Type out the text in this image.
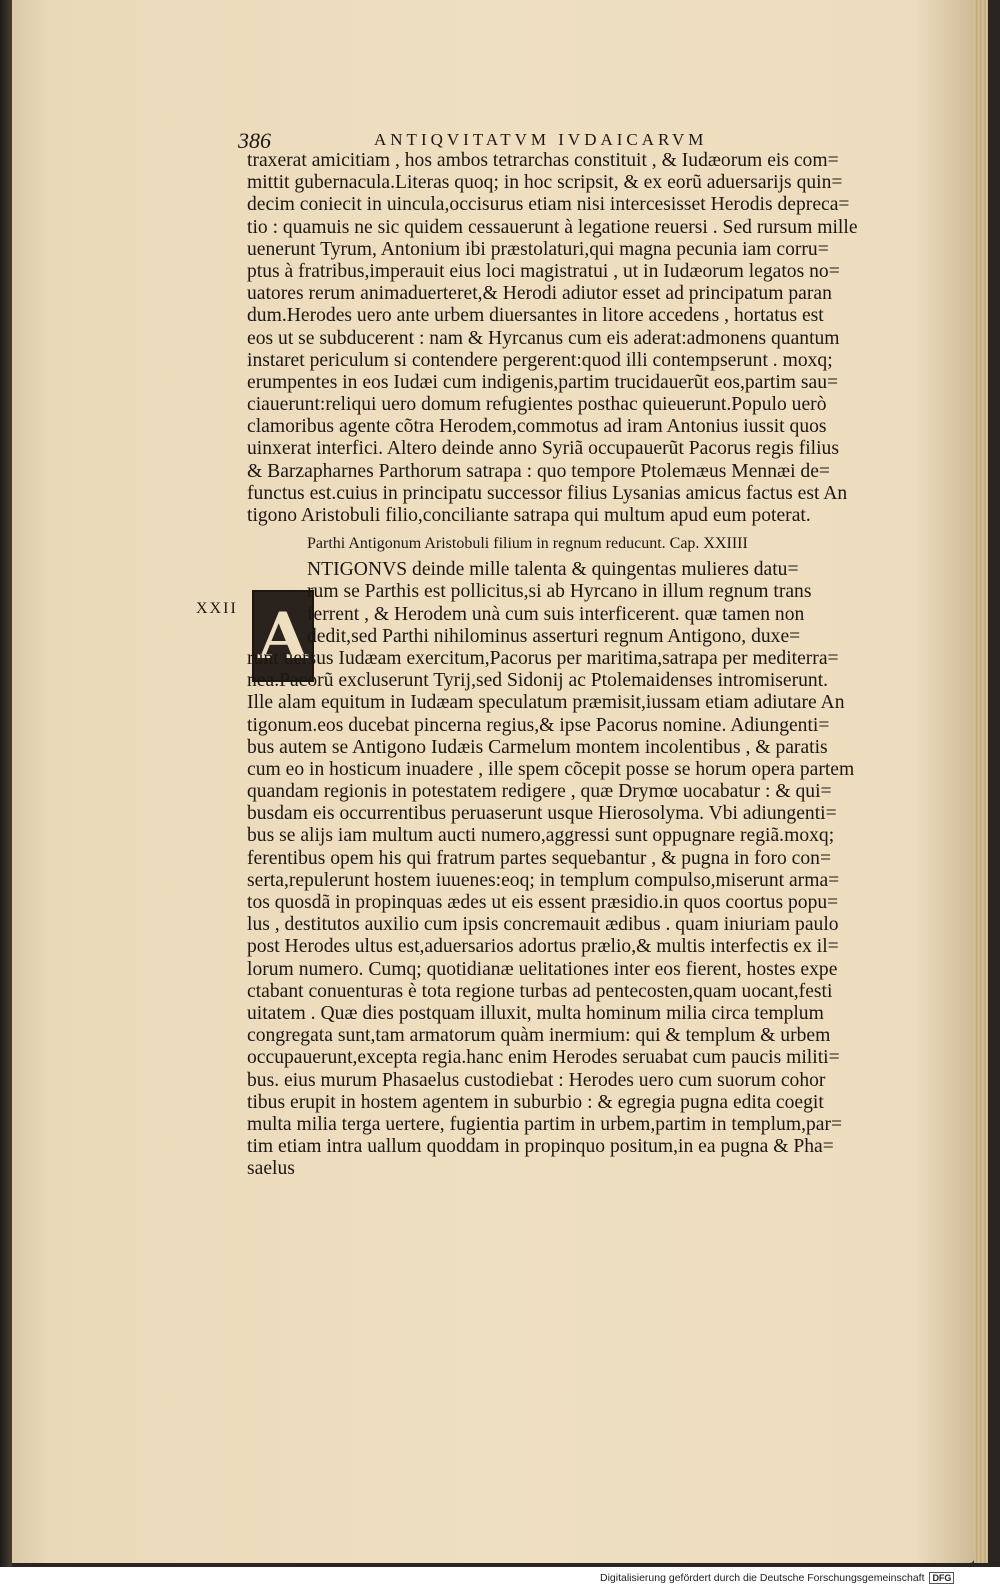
386	ANTIQVITATVM IVDAICARVM
XXII A
traxerat amicitiam , hos ambos tetrarchas constituit , & Iudæorum eis com=
mittit gubernacula.Literas quoq; in hoc scripsit, & ex eorũ aduersarijs quin=
decim coniecit in uincula,occisurus etiam nisi intercesisset Herodis depreca=
tio : quamuis ne sic quidem cessauerunt à legatione reuersi . Sed rursum mille
uenerunt Tyrum, Antonium ibi præstolaturi,qui magna pecunia iam corru=
ptus à fratribus,imperauit eius loci magistratui , ut in Iudæorum legatos no=
uatores rerum animaduerteret,& Herodi adiutor esset ad principatum paran
dum.Herodes uero ante urbem diuersantes in litore accedens , hortatus est
eos ut se subducerent : nam & Hyrcanus cum eis aderat:admonens quantum
instaret periculum si contendere pergerent:quod illi contempserunt . moxq;
erumpentes in eos Iudæi cum indigenis,partim trucidauerũt eos,partim sau=
ciauerunt:reliqui uero domum refugientes posthac quieuerunt.Populo uerò
clamoribus agente cõtra Herodem,commotus ad iram Antonius iussit quos
uinxerat interfici. Altero deinde anno Syriã occupauerũt Pacorus regis filius
& Barzapharnes Parthorum satrapa : quo tempore Ptolemæus Mennæi de=
functus est.cuius in principatu successor filius Lysanias amicus factus est An
tigono Aristobuli filio,conciliante satrapa qui multum apud eum poterat.
Parthi Antigonum Aristobuli filium in regnum reducunt. Cap. XXIIII
NTIGONVS deinde mille talenta & quingentas mulieres datu=
rum se Parthis est pollicitus,si ab Hyrcano in illum regnum trans
ferrent , & Herodem unà cum suis interficerent. quæ tamen non
dedit,sed Parthi nihilominus asserturi regnum Antigono, duxe=
runt uersus Iudæam exercitum,Pacorus per maritima,satrapa per mediterra=
nea.Pacorũ excluserunt Tyrij,sed Sidonij ac Ptolemaidenses intromiserunt.
Ille alam equitum in Iudæam speculatum præmisit,iussam etiam adiutare An
tigonum.eos ducebat pincerna regius,& ipse Pacorus nomine. Adiungenti=
bus autem se Antigono Iudæis Carmelum montem incolentibus , & paratis
cum eo in hosticum inuadere , ille spem cõcepit posse se horum opera partem
quandam regionis in potestatem redigere , quæ Drymœ uocabatur : & qui=
busdam eis occurrentibus peruaserunt usque Hierosolyma. Vbi adiungenti=
bus se alijs iam multum aucti numero,aggressi sunt oppugnare regiã.moxq;
ferentibus opem his qui fratrum partes sequebantur , & pugna in foro con=
serta,repulerunt hostem iuuenes:eoq; in templum compulso,miserunt arma=
tos quosdã in propinquas ædes ut eis essent præsidio.in quos coortus popu=
lus , destitutos auxilio cum ipsis concremauit ædibus . quam iniuriam paulo
post Herodes ultus est,aduersarios adortus prælio,& multis interfectis ex il=
lorum numero. Cumq; quotidianæ uelitationes inter eos fierent, hostes expe
ctabant conuenturas è tota regione turbas ad pentecosten,quam uocant,festi
uitatem . Quæ dies postquam illuxit, multa hominum milia circa templum
congregata sunt,tam armatorum quàm inermium: qui & templum & urbem
occupauerunt,excepta regia.hanc enim Herodes seruabat cum paucis militi=
bus. eius murum Phasaelus custodiebat : Herodes uero cum suorum cohor
tibus erupit in hostem agentem in suburbio : & egregia pugna edita coegit
multa milia terga uertere, fugientia partim in urbem,partim in templum,par=
tim etiam intra uallum quoddam in propinquo positum,in ea pugna & Pha=
saelus
Digitalisierung gefördert durch die Deutsche Forschungsgemeinschaft DFG
